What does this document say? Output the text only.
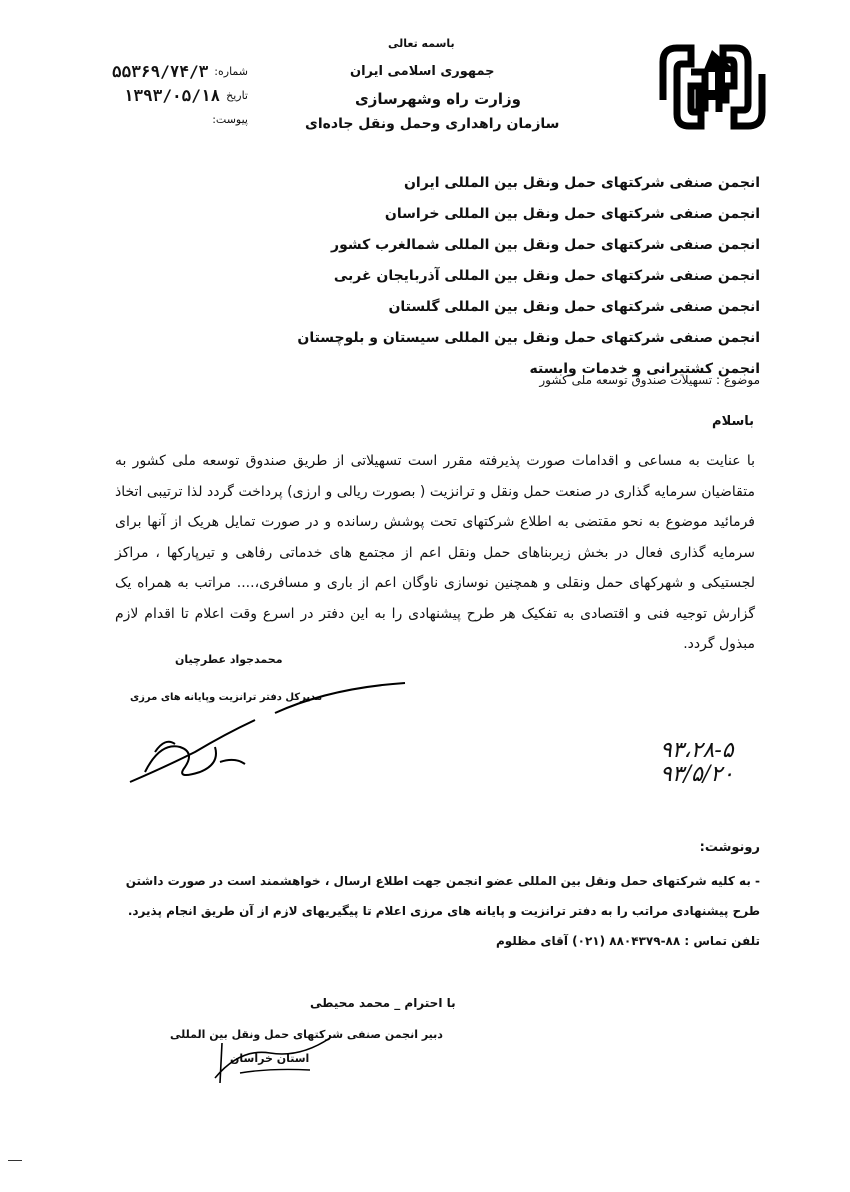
باسمه تعالی
جمهوری اسلامی ایران
وزارت راه وشهرسازی
سازمان راهداری وحمل ونقل جاده‌ای
شماره:
۵۵۳۶۹/۷۴/۳
تاریخ
۱۳۹۳/۰۵/۱۸
پیوست:
انجمن صنفی شرکتهای حمل ونقل بین المللی ایران
انجمن صنفی شرکتهای حمل ونقل بین المللی خراسان
انجمن صنفی شرکتهای حمل ونقل بین المللی شمالغرب کشور
انجمن صنفی شرکتهای حمل ونقل بین المللی آذربایجان غربی
انجمن صنفی شرکتهای حمل ونقل بین المللی گلستان
انجمن صنفی شرکتهای حمل ونقل بین المللی سیستان و بلوچستان
انجمن کشتیرانی و خدمات وابسته
موضوع : تسهیلات صندوق توسعه ملی کشور
باسلام
با عنایت به مساعی و اقدامات صورت پذیرفته مقرر است تسهیلاتی از طریق صندوق توسعه ملی کشور به متقاضیان سرمایه گذاری در صنعت حمل ونقل و ترانزیت ( بصورت ریالی و ارزی) پرداخت گردد لذا ترتیبی اتخاذ فرمائید موضوع به نحو مقتضی به اطلاع شرکتهای تحت پوشش رسانده و در صورت تمایل هریک از آنها برای سرمایه گذاری فعال در بخش زیربناهای حمل ونقل اعم از مجتمع های خدماتی رفاهی و تیرپارکها ، مراکز لجستیکی و شهرکهای حمل ونقلی و همچنین نوسازی ناوگان اعم از باری و مسافری،.... مراتب به همراه یک گزارش توجیه فنی و اقتصادی به تفکیک هر طرح پیشنهادی را به این دفتر در اسرع وقت اعلام تا اقدام لازم مبذول گردد.
محمدجواد عطرچیان
مدیرکل دفتر ترانزیت وپایانه های مرزی
۹۳،۲۸-۵
۹۳/۵/۲۰
رونوشت:
- به کلیه شرکتهای حمل ونقل بین المللی عضو انجمن جهت اطلاع ارسال ، خواهشمند است در صورت داشتن
طرح پیشنهادی مراتب را به دفتر ترانزیت و پایانه های مرزی اعلام تا پیگیریهای لازم از آن طریق انجام پذیرد.
تلفن تماس : ۸۸-۸۸۰۴۳۷۹ (۰۲۱) آقای مظلوم
با احترام _ محمد محیطی
دبیر انجمن صنفی شرکتهای حمل ونقل بین المللی
استان خراسان
